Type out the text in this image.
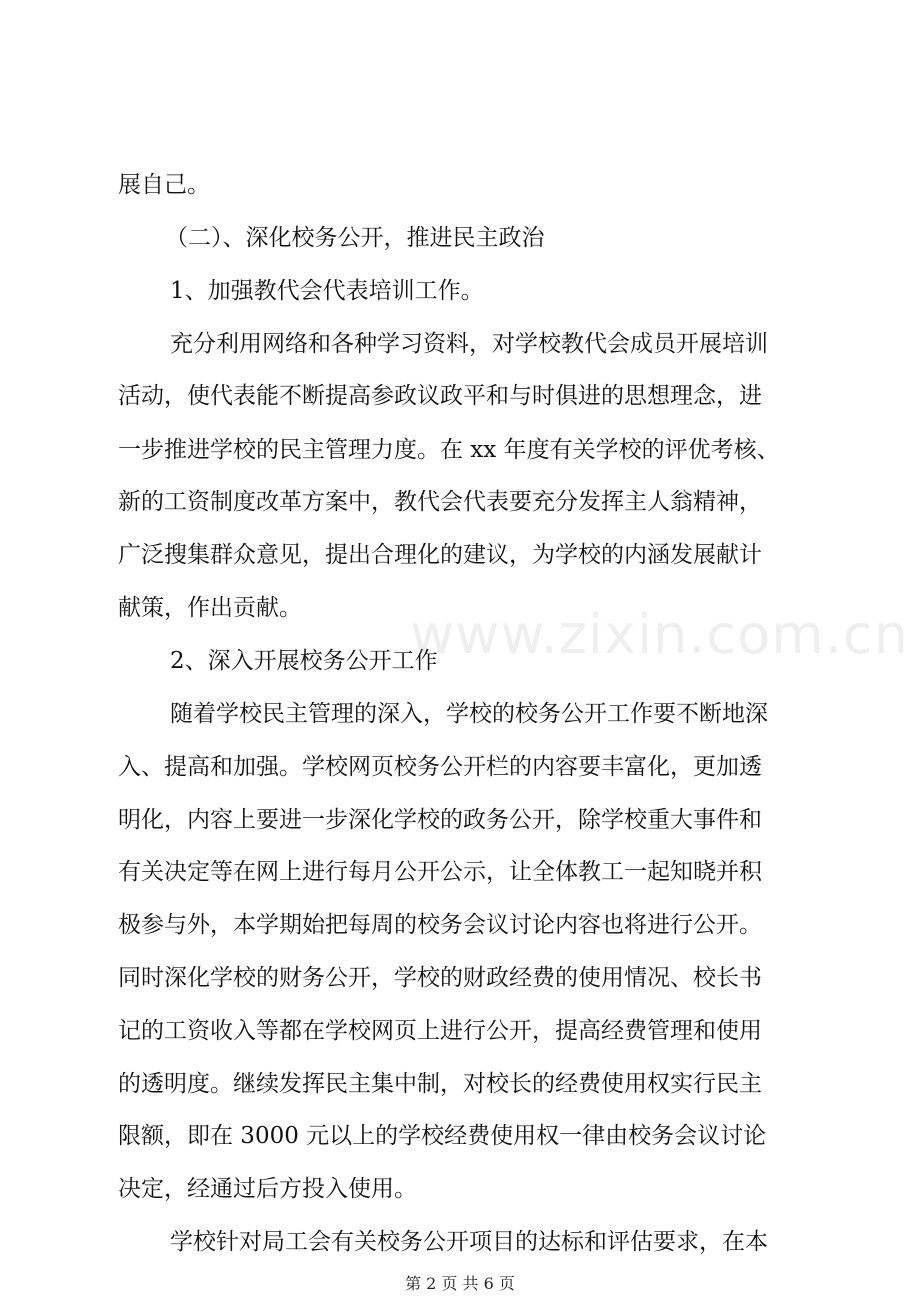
展自己。
（二）、深化校务公开，推进民主政治
1、加强教代会代表培训工作。
充分利用网络和各种学习资料，对学校教代会成员开展培训
活动，使代表能不断提高参政议政平和与时俱进的思想理念，进
一步推进学校的民主管理力度。在 xx 年度有关学校的评优考核、
新的工资制度改革方案中，教代会代表要充分发挥主人翁精神，
广泛搜集群众意见，提出合理化的建议，为学校的内涵发展献计
献策，作出贡献。
2、深入开展校务公开工作
随着学校民主管理的深入，学校的校务公开工作要不断地深
入、提高和加强。学校网页校务公开栏的内容要丰富化，更加透
明化，内容上要进一步深化学校的政务公开，除学校重大事件和
有关决定等在网上进行每月公开公示，让全体教工一起知晓并积
极参与外，本学期始把每周的校务会议讨论内容也将进行公开。
同时深化学校的财务公开，学校的财政经费的使用情况、校长书
记的工资收入等都在学校网页上进行公开，提高经费管理和使用
的透明度。继续发挥民主集中制，对校长的经费使用权实行民主
限额，即在 3000 元以上的学校经费使用权一律由校务会议讨论
决定，经通过后方投入使用。
学校针对局工会有关校务公开项目的达标和评估要求，在本
www.zixin.com.cn
第 2 页 共 6 页
